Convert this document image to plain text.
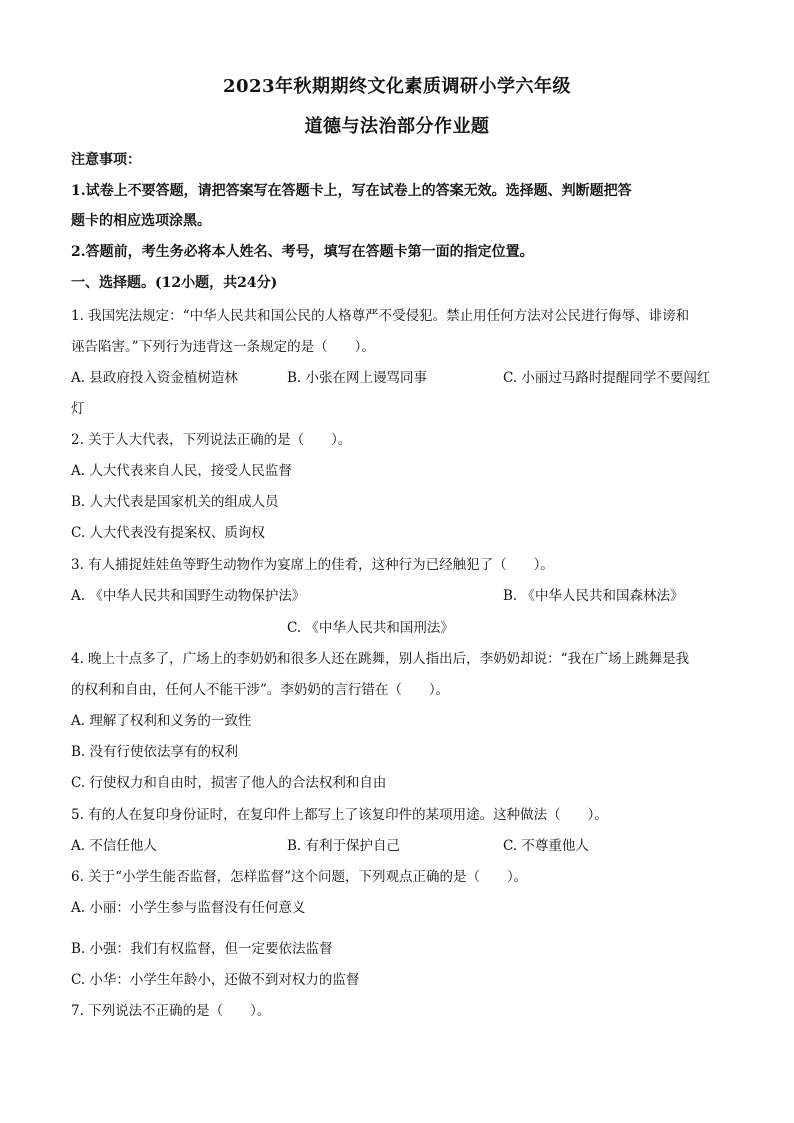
2023年秋期期终文化素质调研小学六年级
道德与法治部分作业题
注意事项：
1.试卷上不要答题，请把答案写在答题卡上，写在试卷上的答案无效。选择题、判断题把答
题卡的相应选项涂黑。
2.答题前，考生务必将本人姓名、考号，填写在答题卡第一面的指定位置。
一、选择题。(12小题，共24分)
1. 我国宪法规定：“中华人民共和国公民的人格尊严不受侵犯。禁止用任何方法对公民进行侮辱、诽谤和
诬告陷害。”下列行为违背这一条规定的是（　　）。
A. 县政府投入资金植树造林	B. 小张在网上谩骂同事	C. 小丽过马路时提醒同学不要闯红
灯
2. 关于人大代表，下列说法正确的是（　　）。
A. 人大代表来自人民，接受人民监督
B. 人大代表是国家机关的组成人员
C. 人大代表没有提案权、质询权
3. 有人捕捉娃娃鱼等野生动物作为宴席上的佳肴，这种行为已经触犯了（　　）。
A. 《中华人民共和国野生动物保护法》	B. 《中华人民共和国森林法》
C. 《中华人民共和国刑法》
4. 晚上十点多了，广场上的李奶奶和很多人还在跳舞，别人指出后，李奶奶却说：“我在广场上跳舞是我
的权利和自由，任何人不能干涉”。李奶奶的言行错在（　　）。
A. 理解了权利和义务的一致性
B. 没有行使依法享有的权利
C. 行使权力和自由时，损害了他人的合法权利和自由
5. 有的人在复印身份证时，在复印件上都写上了该复印件的某项用途。这种做法（　　）。
A. 不信任他人	B. 有利于保护自己	C. 不尊重他人
6. 关于“小学生能否监督，怎样监督”这个问题，下列观点正确的是（　　）。
A. 小丽：小学生参与监督没有任何意义
B. 小强：我们有权监督，但一定要依法监督
C. 小华：小学生年龄小，还做不到对权力的监督
7. 下列说法不正确的是（　　）。
